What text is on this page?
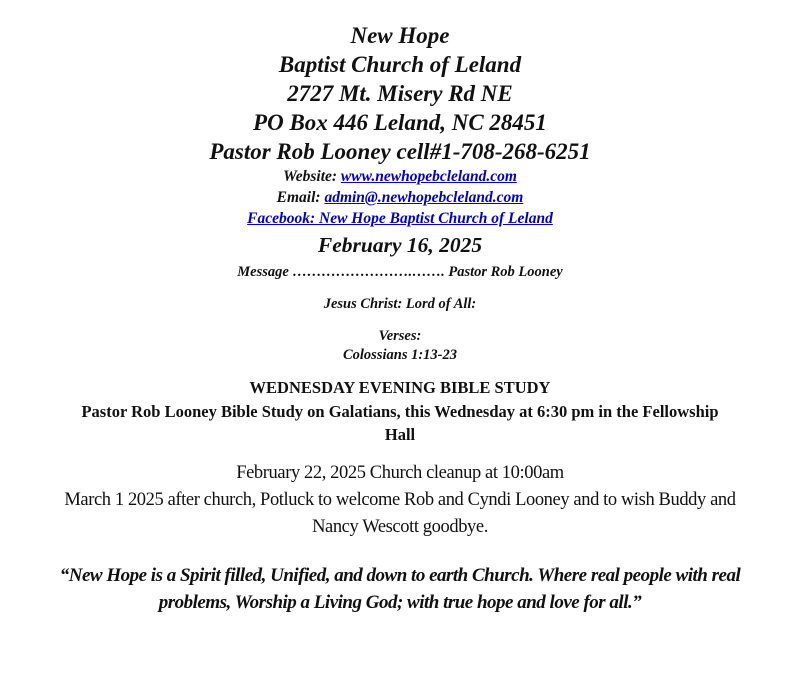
New Hope

Baptist Church of Leland

2727 Mt. Misery Rd NE

PO Box 446 Leland, NC 28451

Pastor Rob Looney cell#1-708-268-6251

Website: www.newhopebcleland.com

Email: admin@.newhopebcleland.com

Facebook: New Hope Baptist Church of Leland

February 16, 2025

Message …………………….……. Pastor Rob Looney

Jesus Christ: Lord of All:

Verses:

Colossians 1:13-23

WEDNESDAY EVENING BIBLE STUDY

Pastor Rob Looney Bible Study on Galatians, this Wednesday at 6:30 pm in the Fellowship

Hall

February 22, 2025 Church cleanup at 10:00am

March 1 2025 after church, Potluck to welcome Rob and Cyndi Looney and to wish Buddy and

Nancy Wescott goodbye.

“New Hope is a Spirit filled, Unified, and down to earth Church. Where real people with real

problems, Worship a Living God; with true hope and love for all.”
